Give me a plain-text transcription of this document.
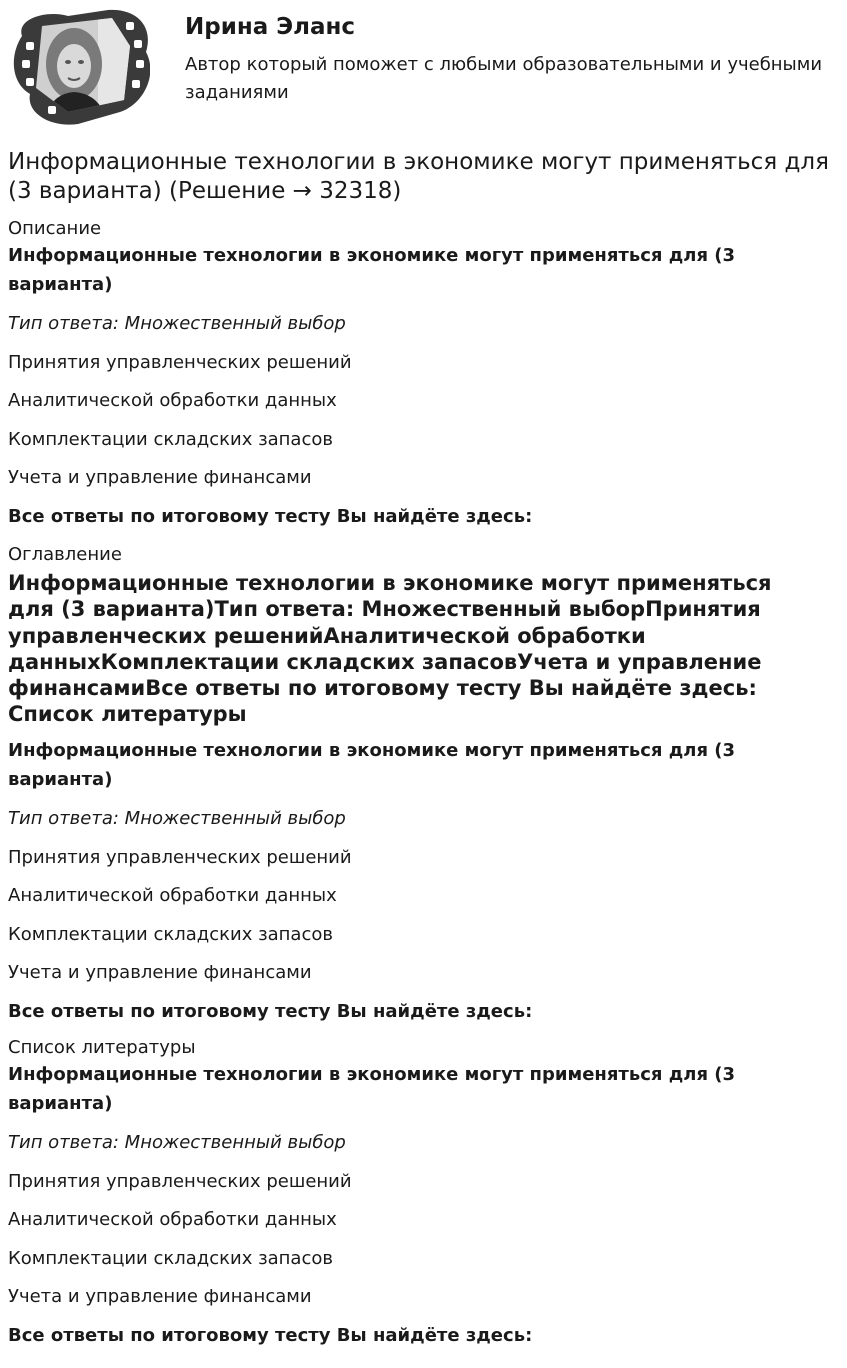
Ирина Эланс

Автор который поможет с любыми образовательными и учебными заданиями

Информационные технологии в экономике могут применяться для (3 варианта) (Решение → 32318)

Описание

Информационные технологии в экономике могут применяться для (3 варианта)

Тип ответа: Множественный выбор

Принятия управленческих решений

Аналитической обработки данных

Комплектации складских запасов

Учета и управление финансами

Все ответы по итоговому тесту Вы найдёте здесь:

Оглавление

Информационные технологии в экономике могут применяться для (3 варианта)Тип ответа: Множественный выборПринятия управленческих решенийАналитической обработки данныхКомплектации складских запасовУчета и управление финансамиВсе ответы по итоговому тесту Вы найдёте здесь: Список литературы

Информационные технологии в экономике могут применяться для (3 варианта)

Тип ответа: Множественный выбор

Принятия управленческих решений

Аналитической обработки данных

Комплектации складских запасов

Учета и управление финансами

Все ответы по итоговому тесту Вы найдёте здесь:

Список литературы

Информационные технологии в экономике могут применяться для (3 варианта)

Тип ответа: Множественный выбор

Принятия управленческих решений

Аналитической обработки данных

Комплектации складских запасов

Учета и управление финансами

Все ответы по итоговому тесту Вы найдёте здесь:
